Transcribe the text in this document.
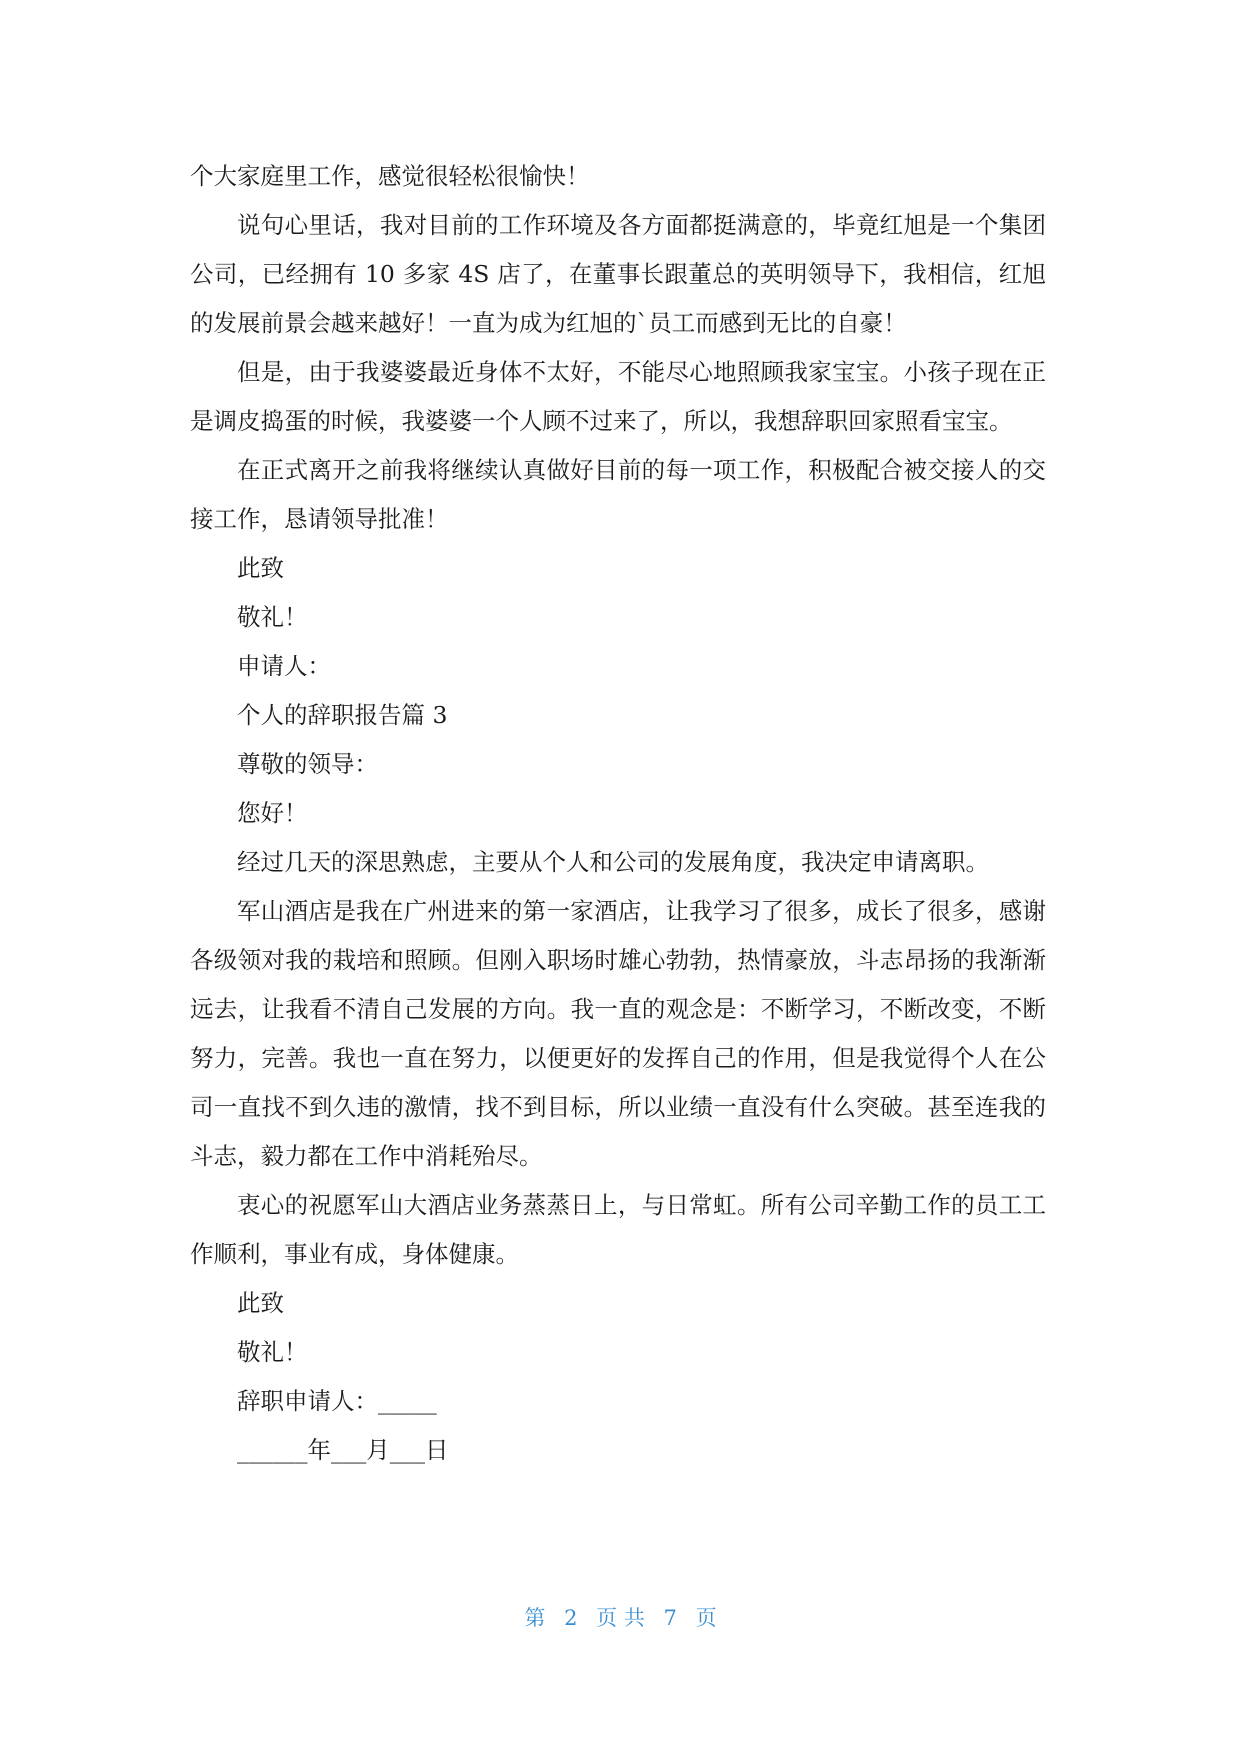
个大家庭里工作，感觉很轻松很愉快！

说句心里话，我对目前的工作环境及各方面都挺满意的，毕竟红旭是一个集团公司，已经拥有 10 多家 4S 店了，在董事长跟董总的英明领导下，我相信，红旭的发展前景会越来越好！一直为成为红旭的`员工而感到无比的自豪！

但是，由于我婆婆最近身体不太好，不能尽心地照顾我家宝宝。小孩子现在正是调皮捣蛋的时候，我婆婆一个人顾不过来了，所以，我想辞职回家照看宝宝。

在正式离开之前我将继续认真做好目前的每一项工作，积极配合被交接人的交接工作，恳请领导批准！

此致

敬礼！

申请人：

个人的辞职报告篇 3

尊敬的领导：

您好！

经过几天的深思熟虑，主要从个人和公司的发展角度，我决定申请离职。

军山酒店是我在广州进来的第一家酒店，让我学习了很多，成长了很多，感谢各级领对我的栽培和照顾。但刚入职场时雄心勃勃，热情豪放，斗志昂扬的我渐渐远去，让我看不清自己发展的方向。我一直的观念是：不断学习，不断改变，不断努力，完善。我也一直在努力，以便更好的发挥自己的作用，但是我觉得个人在公司一直找不到久违的激情，找不到目标，所以业绩一直没有什么突破。甚至连我的斗志，毅力都在工作中消耗殆尽。

衷心的祝愿军山大酒店业务蒸蒸日上，与日常虹。所有公司辛勤工作的员工工作顺利，事业有成，身体健康。

此致

敬礼！

辞职申请人：_____

______年___月___日

第 2 页 共 7 页
